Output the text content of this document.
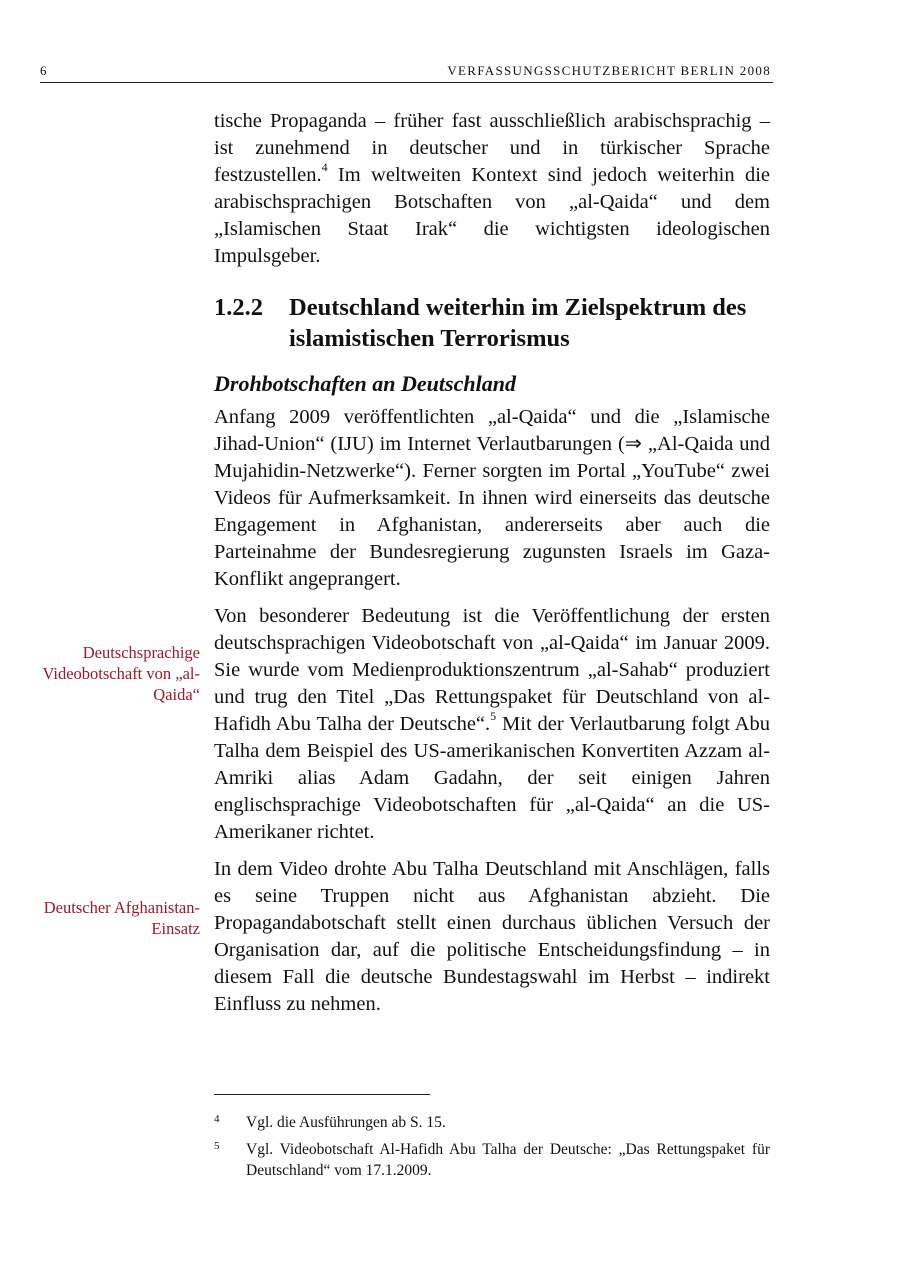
6	VERFASSUNGSSCHUTZBERICHT BERLIN 2008
Deutschsprachige Videobotschaft von „al-Qaida“
Deutscher Afghanistan-Einsatz

tische Propaganda – früher fast ausschließlich arabischsprachig – ist zunehmend in deutscher und in türkischer Sprache festzustellen.$^4$ Im weltweiten Kontext sind jedoch weiterhin die arabischsprachigen Botschaften von „al-Qaida“ und dem „Islamischen Staat Irak“ die wichtigsten ideologischen Impulsgeber.

1.2.2	Deutschland weiterhin im Zielspektrum des islamistischen Terrorismus
Drohbotschaften an Deutschland

Anfang 2009 veröffentlichten „al-Qaida“ und die „Islamische Jihad-Union“ (IJU) im Internet Verlautbarungen (⇒ „Al-Qaida und Mujahidin-Netzwerke“). Ferner sorgten im Portal „YouTube“ zwei Videos für Aufmerksamkeit. In ihnen wird einerseits das deutsche Engagement in Afghanistan, andererseits aber auch die Parteinahme der Bundesregierung zugunsten Israels im Gaza-Konflikt angeprangert.

Von besonderer Bedeutung ist die Veröffentlichung der ersten deutschsprachigen Videobotschaft von „al-Qaida“ im Januar 2009. Sie wurde vom Medienproduktionszentrum „al-Sahab“ produziert und trug den Titel „Das Rettungspaket für Deutschland von al-Hafidh Abu Talha der Deutsche“.$^5$ Mit der Verlautbarung folgt Abu Talha dem Beispiel des US-amerikanischen Konvertiten Azzam al-Amriki alias Adam Gadahn, der seit einigen Jahren englischsprachige Videobotschaften für „al-Qaida“ an die US-Amerikaner richtet.

In dem Video drohte Abu Talha Deutschland mit Anschlägen, falls es seine Truppen nicht aus Afghanistan abzieht. Die Propagandabotschaft stellt einen durchaus üblichen Versuch der Organisation dar, auf die politische Entscheidungsfindung – in diesem Fall die deutsche Bundestagswahl im Herbst – indirekt Einfluss zu nehmen.

4	Vgl. die Ausführungen ab S. 15.
5	Vgl. Videobotschaft Al-Hafidh Abu Talha der Deutsche: „Das Rettungspaket für Deutschland“ vom 17.1.2009.
